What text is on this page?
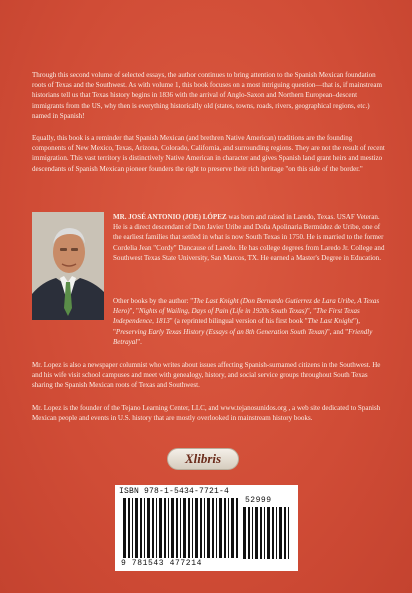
Through this second volume of selected essays, the author continues to bring attention to the Spanish Mexican foundation roots of Texas and the Southwest. As with volume 1, this book focuses on a most intriguing question—that is, if mainstream historians tell us that Texas history begins in 1836 with the arrival of Anglo-Saxon and Northern European–descent immigrants from the US, why then is everything historically old (states, towns, roads, rivers, geographical regions, etc.) named in Spanish!

Equally, this book is a reminder that Spanish Mexican (and brethren Native American) traditions are the founding components of New Mexico, Texas, Arizona, Colorado, California, and surrounding regions. They are not the result of recent immigration. This vast territory is distinctively Native American in character and gives Spanish land grant heirs and mestizo descendants of Spanish Mexican pioneer founders the right to preserve their rich heritage "on this side of the border."

MR. JOSÉ ANTONIO (JOE) LÓPEZ was born and raised in Laredo, Texas. USAF Veteran. He is a direct descendant of Don Javier Uribe and Doña Apolinaria Bermúdez de Uribe, one of the earliest families that settled in what is now South Texas in 1750. He is married to the former Cordelia Jean "Cordy" Dancause of Laredo. He has college degrees from Laredo Jr. College and Southwest Texas State University, San Marcos, TX. He earned a Master's Degree in Education.

Other books by the author: "The Last Knight (Don Bernardo Gutierrez de Lara Uribe, A Texas Hero)", "Nights of Wailing, Days of Pain (Life in 1920s South Texas)", "The First Texas Independence, 1813" (a reprinted bilingual version of his first book "The Last Knight"), "Preserving Early Texas History (Essays of an 8th Generation South Texan)", and "Friendly Betrayal".

Mr. Lopez is also a newspaper columnist who writes about issues affecting Spanish-surnamed citizens in the Southwest. He and his wife visit school campuses and meet with genealogy, history, and social service groups throughout South Texas sharing the Spanish Mexican roots of Texas and Southwest.

Mr. Lopez is the founder of the Tejano Learning Center, LLC, and www.tejanosunidos.org , a web site dedicated to Spanish Mexican people and events in U.S. history that are mostly overlooked in mainstream history books.

Xlibris
ISBN 978-1-5434-7721-4
52999
9 781543 477214
